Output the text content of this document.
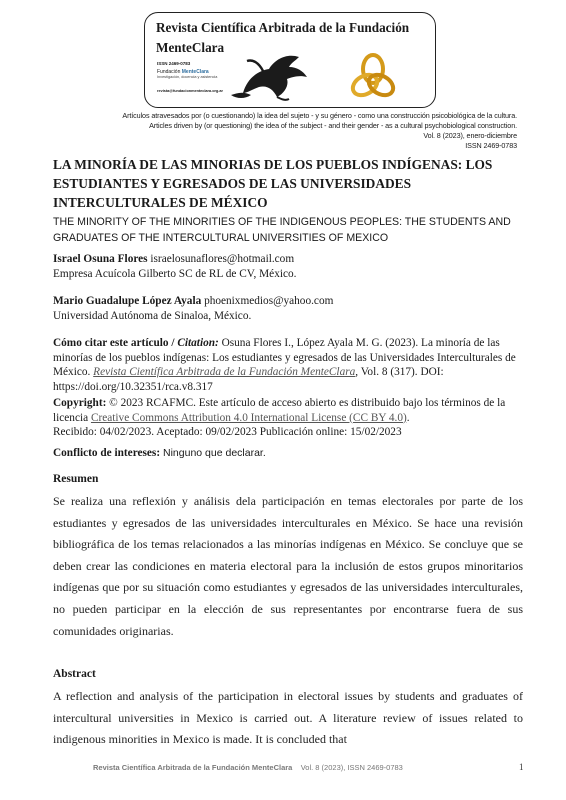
Revista Científica Arbitrada de la Fundación MenteClara
ISSN 2469-0783
Fundación MenteClara
Investigación, docencia y asistencia
revista@fundacionmenteclara.org.ar
Artículos atravesados por (o cuestionando) la idea del sujeto - y su género - como una construcción psicobiológica de la cultura.
Articles driven by (or questioning) the idea of the subject - and their gender - as a cultural psychobiological construction.
Vol. 8 (2023), enero-diciembre
ISSN 2469-0783
LA MINORÍA DE LAS MINORIAS DE LOS PUEBLOS INDÍGENAS: LOS ESTUDIANTES Y EGRESADOS DE LAS UNIVERSIDADES INTERCULTURALES DE MÉXICO
THE MINORITY OF THE MINORITIES OF THE INDIGENOUS PEOPLES: THE STUDENTS AND GRADUATES OF THE INTERCULTURAL UNIVERSITIES OF MEXICO
Israel Osuna Flores israelosunaflores@hotmail.com
Empresa Acuícola Gilberto SC de RL de CV, México.
Mario Guadalupe López Ayala phoenixmedios@yahoo.com
Universidad Autónoma de Sinaloa, México.
Cómo citar este artículo / Citation: Osuna Flores I., López Ayala M. G. (2023). La minoría de las minorías de los pueblos indígenas: Los estudiantes y egresados de las Universidades Interculturales de México. Revista Científica Arbitrada de la Fundación MenteClara, Vol. 8 (317). DOI: https://doi.org/10.32351/rca.v8.317
Copyright: © 2023 RCAFMC. Este artículo de acceso abierto es distribuido bajo los términos de la licencia Creative Commons Attribution 4.0 International License (CC BY 4.0).
Recibido: 04/02/2023. Aceptado: 09/02/2023 Publicación online: 15/02/2023
Conflicto de intereses: Ninguno que declarar.
Resumen
Se realiza una reflexión y análisis dela participación en temas electorales por parte de los estudiantes y egresados de las universidades interculturales en México. Se hace una revisión bibliográfica de los temas relacionados a las minorías indígenas en México. Se concluye que se deben crear las condiciones en materia electoral para la inclusión de estos grupos minoritarios indígenas que por su situación como estudiantes y egresados de las universidades interculturales, no pueden participar en la elección de sus representantes por encontrarse fuera de sus comunidades originarias.
Abstract
A reflection and analysis of the participation in electoral issues by students and graduates of intercultural universities in Mexico is carried out. A literature review of issues related to indigenous minorities in Mexico is made. It is concluded that
Revista Científica Arbitrada de la Fundación MenteClara Vol. 8 (2023), ISSN 2469-0783	1
